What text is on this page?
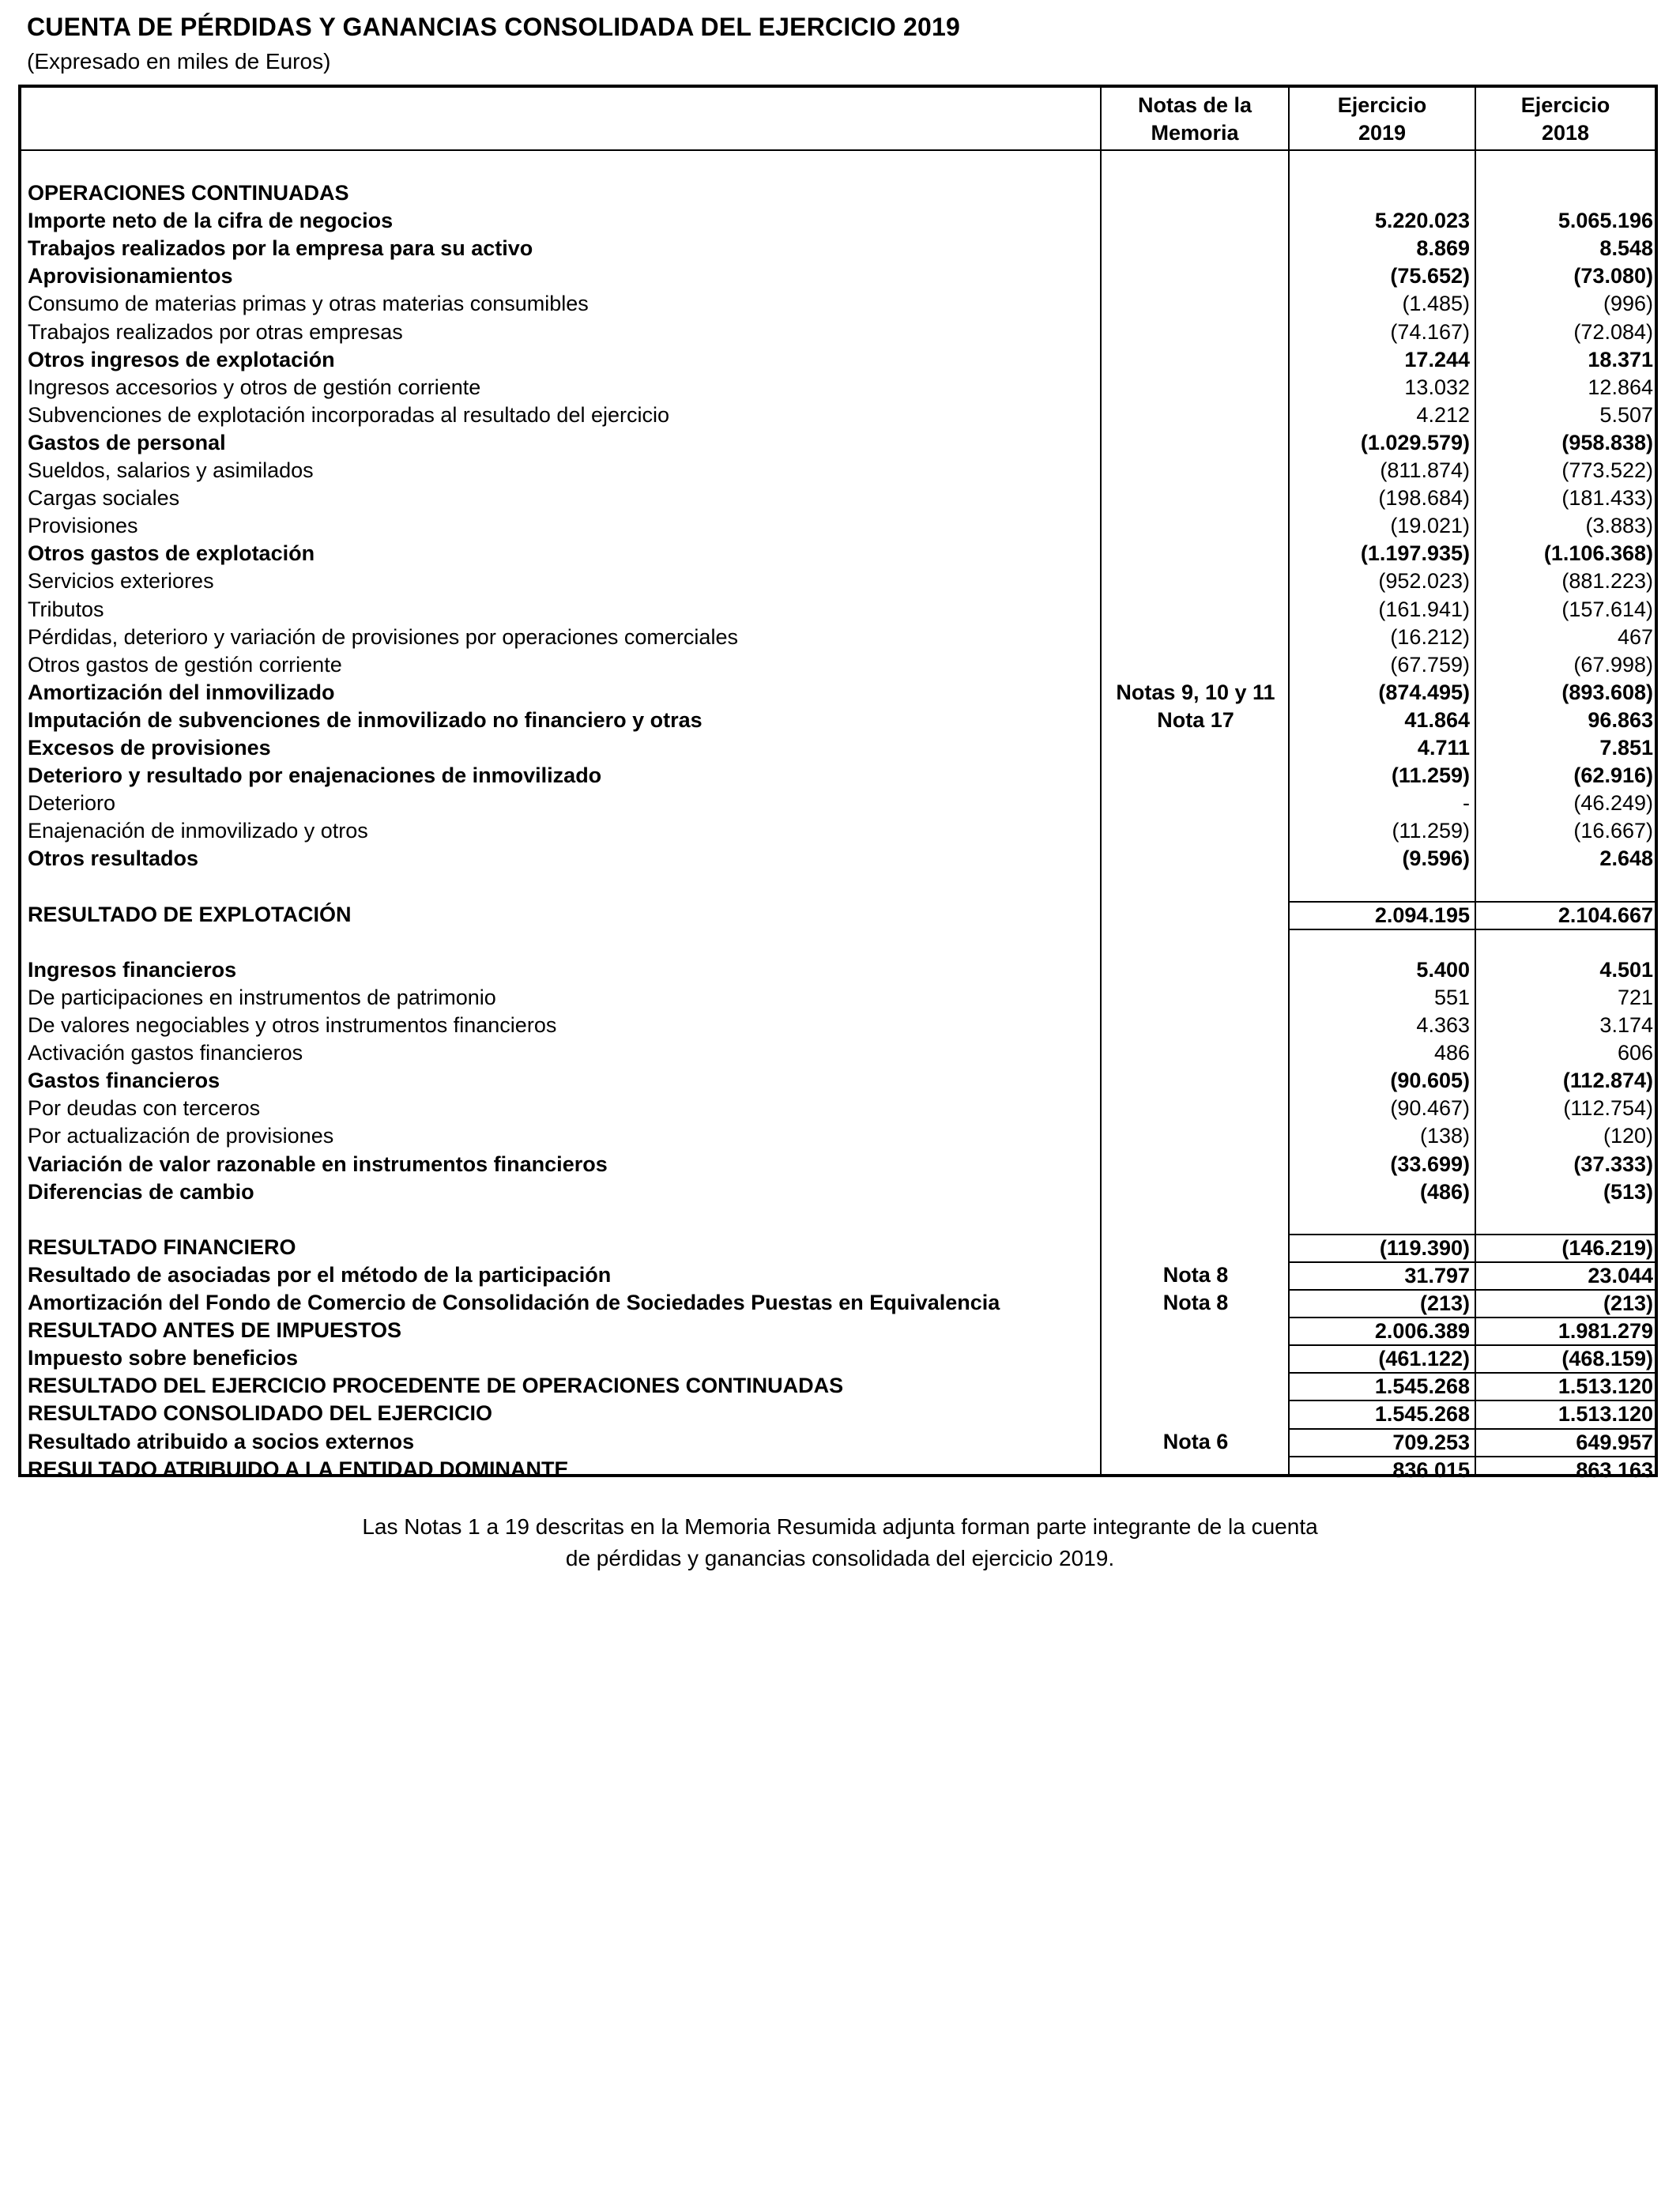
CUENTA DE PÉRDIDAS Y GANANCIAS CONSOLIDADA DEL EJERCICIO 2019
(Expresado en miles de Euros)
Notas de la
Memoria
Ejercicio
2019
Ejercicio
2018
OPERACIONES CONTINUADAS
Importe neto de la cifra de negocios	5.220.023	5.065.196
Trabajos realizados por la empresa para su activo	8.869	8.548
Aprovisionamientos	(75.652)	(73.080)
Consumo de materias primas y otras materias consumibles	(1.485)	(996)
Trabajos realizados por otras empresas	(74.167)	(72.084)
Otros ingresos de explotación	17.244	18.371
Ingresos accesorios y otros de gestión corriente	13.032	12.864
Subvenciones de explotación incorporadas al resultado del ejercicio	4.212	5.507
Gastos de personal	(1.029.579)	(958.838)
Sueldos, salarios y asimilados	(811.874)	(773.522)
Cargas sociales	(198.684)	(181.433)
Provisiones	(19.021)	(3.883)
Otros gastos de explotación	(1.197.935)	(1.106.368)
Servicios exteriores	(952.023)	(881.223)
Tributos	(161.941)	(157.614)
Pérdidas, deterioro y variación de provisiones por operaciones comerciales	(16.212)	467
Otros gastos de gestión corriente	(67.759)	(67.998)
Amortización del inmovilizado	Notas 9, 10 y 11	(874.495)	(893.608)
Imputación de subvenciones de inmovilizado no financiero y otras	Nota 17	41.864	96.863
Excesos de provisiones	4.711	7.851
Deterioro y resultado por enajenaciones de inmovilizado	(11.259)	(62.916)
Deterioro	-	(46.249)
Enajenación de inmovilizado y otros	(11.259)	(16.667)
Otros resultados	(9.596)	2.648
RESULTADO DE EXPLOTACIÓN	2.094.195	2.104.667
Ingresos financieros	5.400	4.501
De participaciones en instrumentos de patrimonio	551	721
De valores negociables y otros instrumentos financieros	4.363	3.174
Activación gastos financieros	486	606
Gastos financieros	(90.605)	(112.874)
Por deudas con terceros	(90.467)	(112.754)
Por actualización de provisiones	(138)	(120)
Variación de valor razonable en instrumentos financieros	(33.699)	(37.333)
Diferencias de cambio	(486)	(513)
RESULTADO FINANCIERO	(119.390)	(146.219)
Resultado de asociadas por el método de la participación	Nota 8	31.797	23.044
Amortización del Fondo de Comercio de Consolidación de Sociedades Puestas en Equivalencia	Nota 8	(213)	(213)
RESULTADO ANTES DE IMPUESTOS	2.006.389	1.981.279
Impuesto sobre beneficios	(461.122)	(468.159)
RESULTADO DEL EJERCICIO PROCEDENTE DE OPERACIONES CONTINUADAS	1.545.268	1.513.120
RESULTADO CONSOLIDADO DEL EJERCICIO	1.545.268	1.513.120
Resultado atribuido a socios externos	Nota 6	709.253	649.957
RESULTADO ATRIBUIDO A LA ENTIDAD DOMINANTE	836.015	863.163
Las Notas 1 a 19 descritas en la Memoria Resumida adjunta forman parte integrante de la cuenta
de pérdidas y ganancias consolidada del ejercicio 2019.
